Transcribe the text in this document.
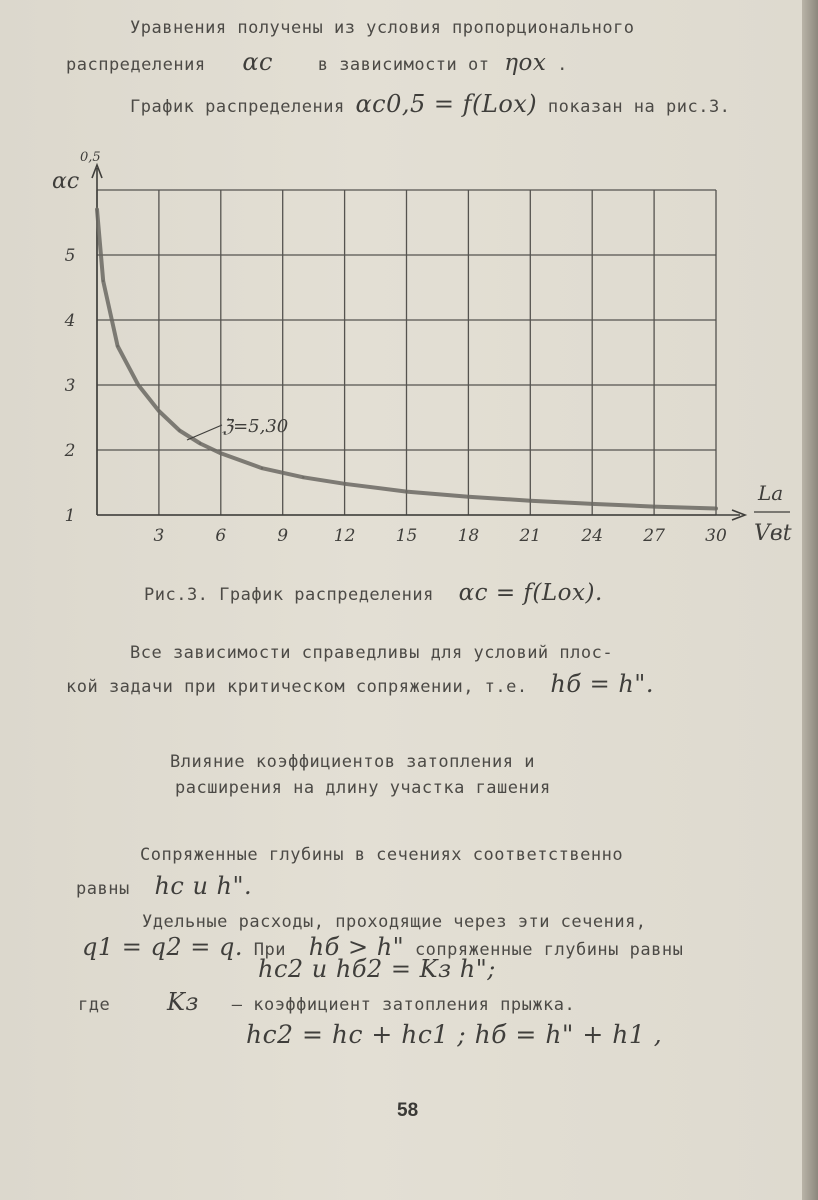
Уравнения получены из условия пропорционального
распределения αc	в зависимости от ηox .
График распределения αc0,5 = f(Lox) показан на рис.3.
ℨ=5,30
3	6	9	12 15 18 21 24 27 30
1
2
3
4
5
αc
0,5
La
Vвt
Рис.3. График распределения αc = f(Lox).
Все зависимости справедливы для условий плос-
кой задачи при критическом сопряжении, т.е. hб = h".
Влияние коэффициентов затопления и
расширения на длину участка гашения
Сопряженные глубины в сечениях соответственно
равны hc и h".
Удельные расходы, проходящие через эти сечения,
q1 = q2 = q. При hб > h" сопряженные глубины равны
hc2 и hб2 = Kз h";
где Kз – коэффициент затопления прыжка.
hc2 = hc + hc1 ; hб = h" + h1 ,
58
